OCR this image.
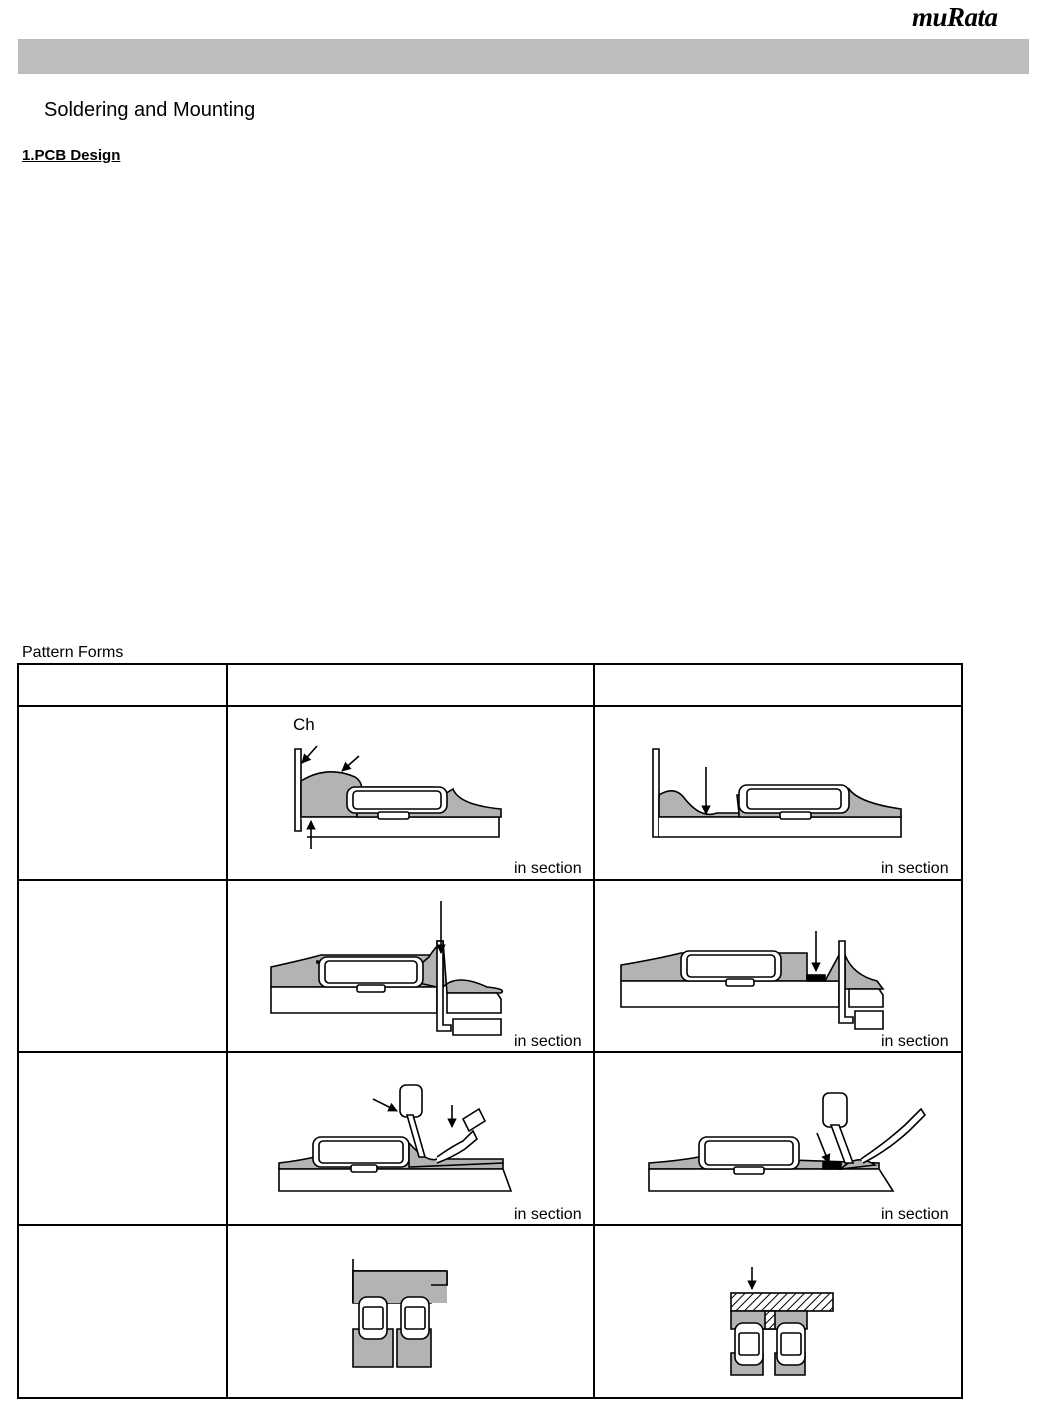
muRata
Soldering and Mounting
1.PCB Design
Pattern Forms
Ch
in section	in section
in section	in section
in section	in section
